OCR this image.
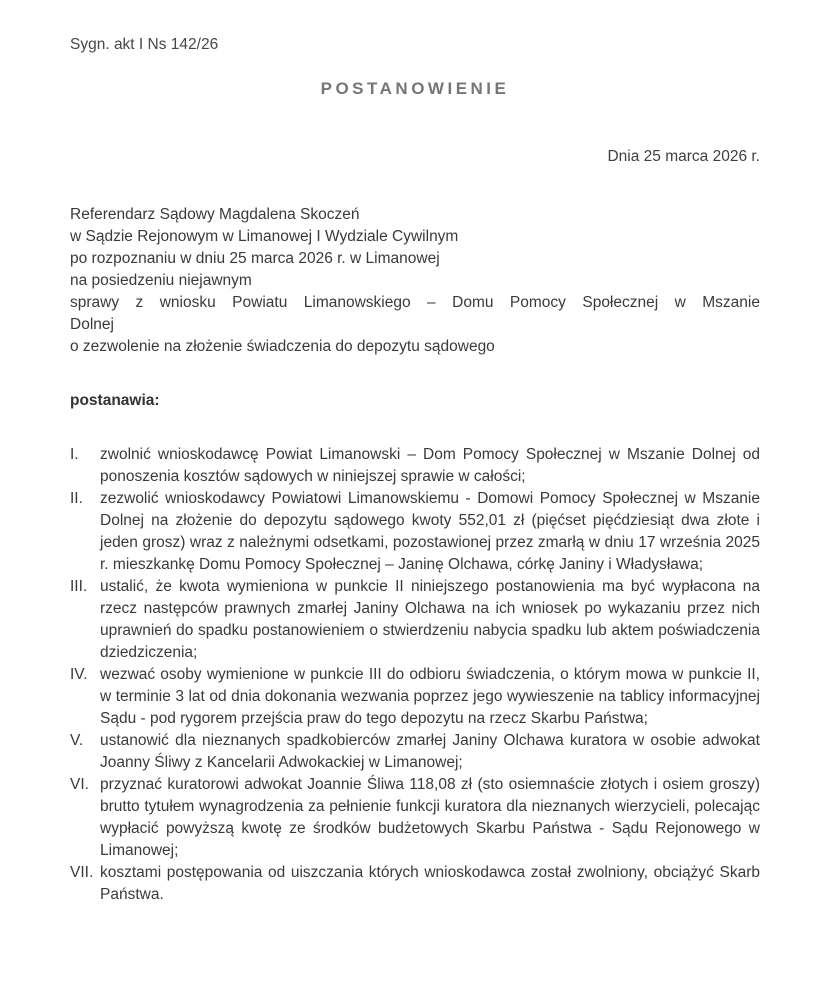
Sygn. akt I Ns 142/26
POSTANOWIENIE
Dnia 25 marca 2026 r.
Referendarz Sądowy Magdalena Skoczeń
w Sądzie Rejonowym w Limanowej I Wydziale Cywilnym
po rozpoznaniu w dniu 25 marca 2026 r. w Limanowej
na posiedzeniu niejawnym
sprawy z wniosku Powiatu Limanowskiego – Domu Pomocy Społecznej w Mszanie
Dolnej
o zezwolenie na złożenie świadczenia do depozytu sądowego
postanawia:
I.	zwolnić wnioskodawcę Powiat Limanowski – Dom Pomocy Społecznej w Mszanie Dolnej od ponoszenia kosztów sądowych w niniejszej sprawie w całości;
II.	zezwolić wnioskodawcy Powiatowi Limanowskiemu - Domowi Pomocy Społecznej w Mszanie Dolnej na złożenie do depozytu sądowego kwoty 552,01 zł (pięćset pięćdziesiąt dwa złote i jeden grosz) wraz z należnymi odsetkami, pozostawionej przez zmarłą w dniu 17 września 2025 r. mieszkankę Domu Pomocy Społecznej – Janinę Olchawa, córkę Janiny i Władysława;
III. ustalić, że kwota wymieniona w punkcie II niniejszego postanowienia ma być wypłacona na rzecz następców prawnych zmarłej Janiny Olchawa na ich wniosek po wykazaniu przez nich uprawnień do spadku postanowieniem o stwierdzeniu nabycia spadku lub aktem poświadczenia dziedziczenia;
IV. wezwać osoby wymienione w punkcie III do odbioru świadczenia, o którym mowa w punkcie II, w terminie 3 lat od dnia dokonania wezwania poprzez jego wywieszenie na tablicy informacyjnej Sądu - pod rygorem przejścia praw do tego depozytu na rzecz Skarbu Państwa;
V.	ustanowić dla nieznanych spadkobierców zmarłej Janiny Olchawa kuratora w osobie adwokat Joanny Śliwy z Kancelarii Adwokackiej w Limanowej;
VI. przyznać kuratorowi adwokat Joannie Śliwa 118,08 zł (sto osiemnaście złotych i osiem groszy) brutto tytułem wynagrodzenia za pełnienie funkcji kuratora dla nieznanych wierzycieli, polecając wypłacić powyższą kwotę ze środków budżetowych Skarbu Państwa - Sądu Rejonowego w Limanowej;
VII. kosztami postępowania od uiszczania których wnioskodawca został zwolniony, obciążyć Skarb Państwa.
